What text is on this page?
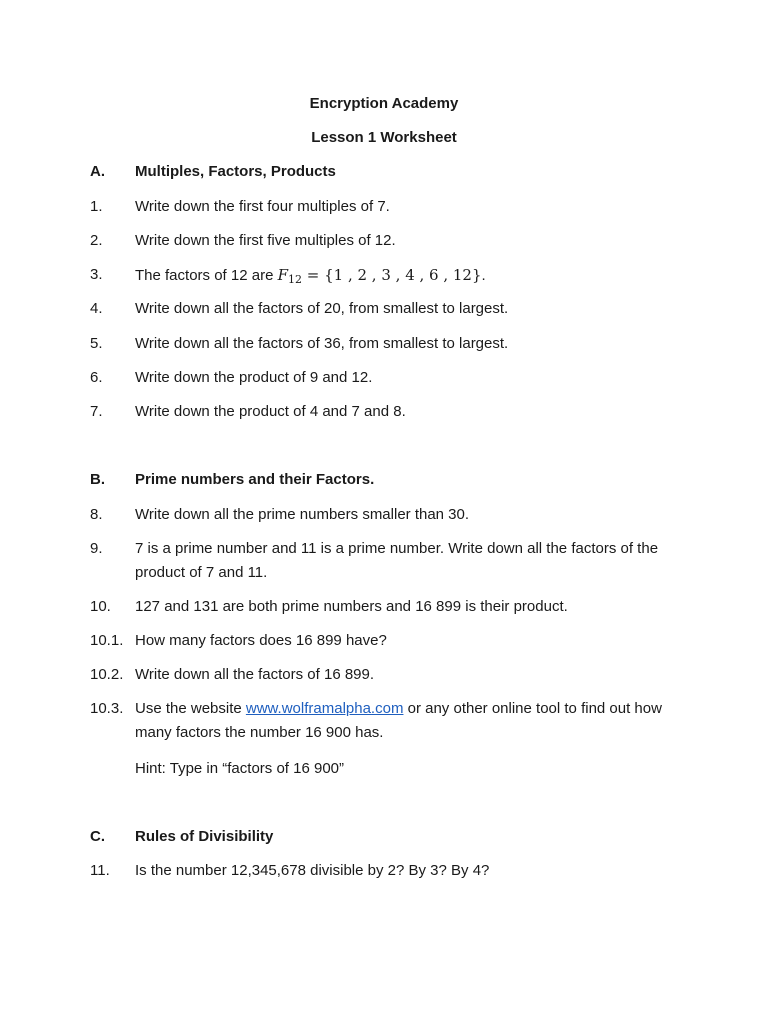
Encryption Academy
Lesson 1 Worksheet
A. Multiples, Factors, Products
1. Write down the first four multiples of 7.
2. Write down the first five multiples of 12.
3. The factors of 12 are $F_{12} = \{1$ , 2 , 3 , 4 , 6 , 12}.
4. Write down all the factors of 20, from smallest to largest.
5. Write down all the factors of 36, from smallest to largest.
6. Write down the product of 9 and 12.
7. Write down the product of 4 and 7 and 8.
B. Prime numbers and their Factors.
8. Write down all the prime numbers smaller than 30.
9. 7 is a prime number and 11 is a prime number. Write down all the factors of the product of 7 and 11.
10. 127 and 131 are both prime numbers and 16 899 is their product.
10.1. How many factors does 16 899 have?
10.2. Write down all the factors of 16 899.
10.3. Use the website www.wolframalpha.com or any other online tool to find out how many factors the number 16 900 has.
Hint: Type in “factors of 16 900”
C. Rules of Divisibility
11. Is the number 12,345,678 divisible by 2? By 3? By 4?
